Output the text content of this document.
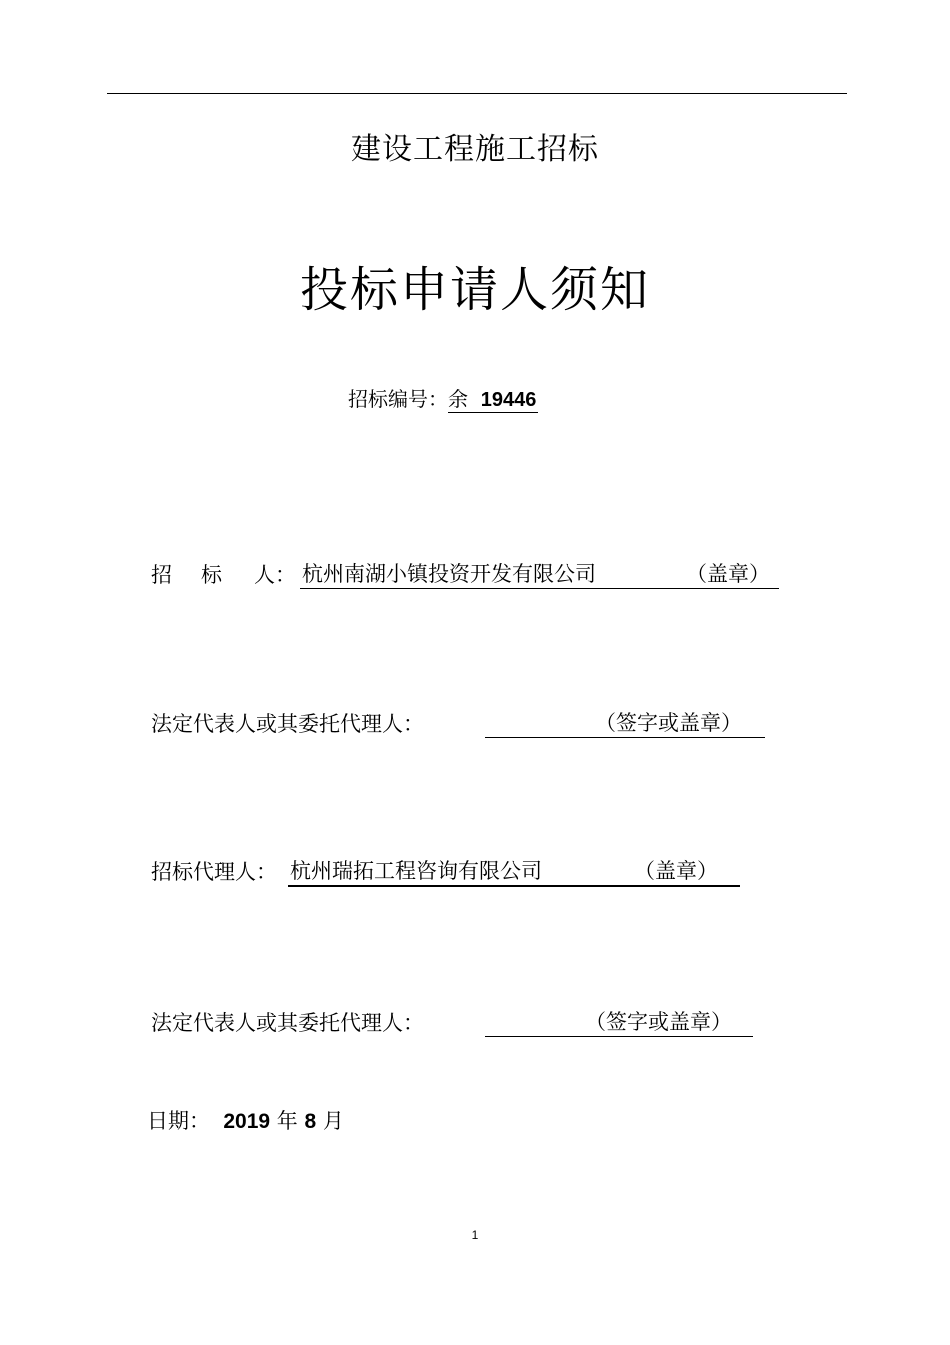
建设工程施工招标
投标申请人须知
招标编号：余 19446
招 标 人： 杭州南湖小镇投资开发有限公司	（盖章）
法定代表人或其委托代理人：	（签字或盖章）
招标代理人： 杭州瑞拓工程咨询有限公司	（盖章）
法定代表人或其委托代理人：	（签字或盖章）
日期： 2019 年 8 月
1
